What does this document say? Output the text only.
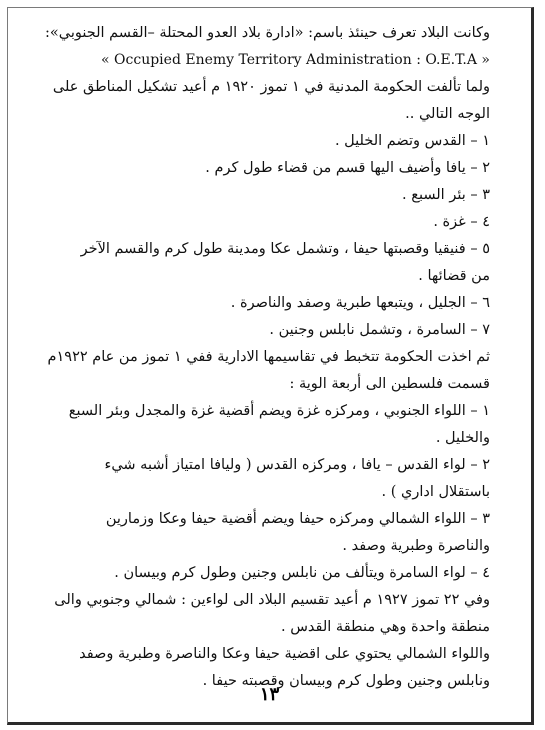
وكانت البلاد تعرف حينئذ باسم: «ادارة بلاد العدو المحتلة –القسم الجنوبي»:
« Occupied Enemy Territory Administration : O.E.T.A »
ولما تألفت الحكومة المدنية في ١ تموز ١٩٢٠ م أعيد تشكيل المناطق على
الوجه التالي ..
١ – القدس وتضم الخليل .
٢ – يافا وأضيف اليها قسم من قضاء طول كرم .
٣ – بئر السبع .
٤ – غزة .
٥ – فنيقيا وقصبتها حيفا ، وتشمل عكا ومدينة طول كرم والقسم الآخر
من قضائها .
٦ – الجليل ، ويتبعها طبرية وصفد والناصرة .
٧ – السامرة ، وتشمل نابلس وجنين .
ثم اخذت الحكومة تتخبط في تقاسيمها الادارية ففي ١ تموز من عام ١٩٢٢م
قسمت فلسطين الى أربعة الوية :
١ – اللواء الجنوبي ، ومركزه غزة ويضم أقضية غزة والمجدل وبئر السبع
والخليل .
٢ – لواء القدس – يافا ، ومركزه القدس ( وليافا امتياز أشبه شيء
باستقلال اداري ) .
٣ – اللواء الشمالي ومركزه حيفا ويضم أقضية حيفا وعكا وزمارين
والناصرة وطبرية وصفد .
٤ – لواء السامرة ويتألف من نابلس وجنين وطول كرم وبيسان .
وفي ٢٢ تموز ١٩٢٧ م أعيد تقسيم البلاد الى لواءين : شمالي وجنوبي والى
منطقة واحدة وهي منطقة القدس .
واللواء الشمالي يحتوي على اقضية حيفا وعكا والناصرة وطبرية وصفد
ونابلس وجنين وطول كرم وبيسان وقصبته حيفا .
١٣
